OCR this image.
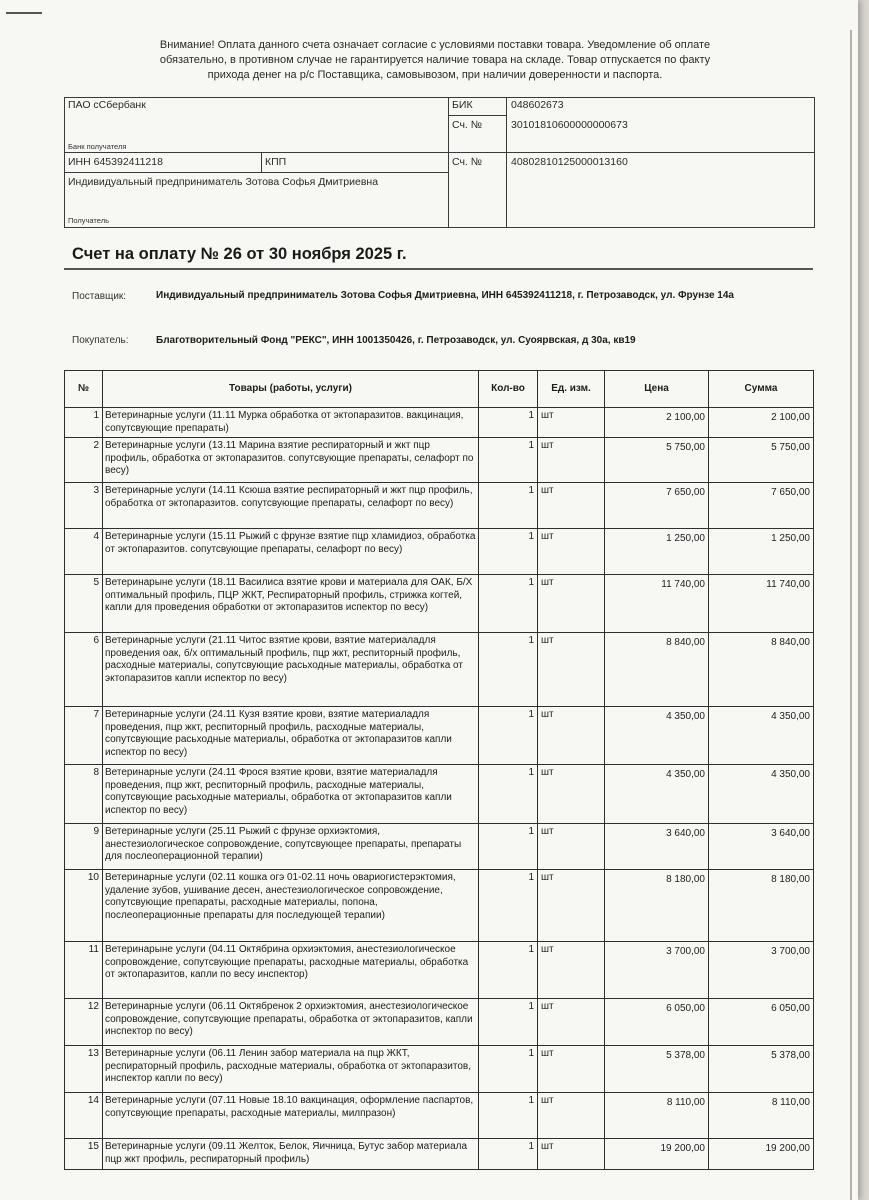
Внимание! Оплата данного счета означает согласие с условиями поставки товара. Уведомление об оплате
обязательно, в противном случае не гарантируется наличие товара на складе. Товар отпускается по факту
прихода денег на р/с Поставщика, самовывозом, при наличии доверенности и паспорта.
ПАО сСбербанк
Банк получателя
БИК	048602673
Сч. №	30101810600000000673
ИНН 645392411218	КПП	Сч. №	40802810125000013160
Индивидуальный предприниматель Зотова Софья Дмитриевна
Получатель
Счет на оплату № 26 от 30 ноября 2025 г.
Поставщик:	Индивидуальный предприниматель Зотова Софья Дмитриевна, ИНН 645392411218, г. Петрозаводск, ул. Фрунзе 14а
Покупатель:	Благотворительный Фонд "РЕКС", ИНН 1001350426, г. Петрозаводск, ул. Суоярвская, д 30а, кв19
№	Товары (работы, услуги)	Кол-во	Ед. изм.	Цена	Сумма
1	Ветеринарные услуги (11.11 Мурка обработка от эктопаразитов. вакцинация, сопутсвующие препараты)	1	шт	2 100,00	2 100,00
2	Ветеринарные услуги (13.11 Марина взятие респираторный и жкт пцр профиль, обработка от эктопаразитов. сопутсвующие препараты, селафорт по весу)	1	шт	5 750,00	5 750,00
3	Ветеринарные услуги (14.11 Ксюша взятие респираторный и жкт пцр профиль, обработка от эктопаразитов. сопутсвующие препараты, селафорт по весу)	1	шт	7 650,00	7 650,00
4	Ветеринарные услуги (15.11 Рыжий с фрунзе взятие пцр хламидиоз, обработка от эктопаразитов. сопутсвующие препараты, селафорт по весу)	1	шт	1 250,00	1 250,00
5	Ветеринарыне услуги (18.11 Василиса взятие крови и материала для ОАК, Б/Х оптимальный профиль, ПЦР ЖКТ, Респираторный профиль, стрижка когтей, капли для проведения обработки от эктопаразитов испектор по весу)	1	шт	11 740,00	11 740,00
6	Ветеринарные услуги (21.11 Читос взятие крови, взятие материаладля проведения оак, б/х оптимальный профиль, пцр жкт, респиторный профиль, расходные материалы, сопутсвующие расьходные материалы, обработка от эктопаразитов капли испектор по весу)	1	шт	8 840,00	8 840,00
7	Ветеринарные услуги (24.11 Кузя взятие крови, взятие материаладля проведения, пцр жкт, респиторный профиль, расходные материалы, сопутсвующие расьходные материалы, обработка от эктопаразитов капли испектор по весу)	1	шт	4 350,00	4 350,00
8	Ветеринарные услуги (24.11 Фрося взятие крови, взятие материаладля проведения, пцр жкт, респиторный профиль, расходные материалы, сопутсвующие расьходные материалы, обработка от эктопаразитов капли испектор по весу)	1	шт	4 350,00	4 350,00
9	Ветеринарные услуги (25.11 Рыжий с фрунзе орхиэктомия, анестезиологическое сопровождение, сопутсвующее препараты, препараты для послеоперационной терапии)	1	шт	3 640,00	3 640,00
10	Ветеринарные услуги (02.11 кошка огэ 01-02.11 ночь овариогистерэктомия, удаление зубов, ушивание десен, анестезиологическое сопровождение, сопутсвующие препараты, расходные материалы, попона, послеоперационные препараты для последующей терапии)	1	шт	8 180,00	8 180,00
11	Ветеринарыне услуги (04.11 Октябрина орхиэктомия, анестезиологическое сопровождение, сопутсвующие препараты, расходные материалы, обработка от эктопаразитов, капли по весу инспектор)	1	шт	3 700,00	3 700,00
12	Ветеринарные услуги (06.11 Октябренок 2 орхиэктомия, анестезиологическое сопровождение, сопутсвующие препараты, обработка от эктопаразитов, капли инспектор по весу)	1	шт	6 050,00	6 050,00
13	Ветеринарные услуги (06.11 Ленин забор материала на пцр ЖКТ, респираторный профиль, расходные материалы, обработка от эктопаразитов, инспектор капли по весу)	1	шт	5 378,00	5 378,00
14	Ветеринарные услуги (07.11 Новые 18.10 вакцинация, оформление паспартов, сопутсвующие препараты, расходные материалы, милпразон)	1	шт	8 110,00	8 110,00
15	Ветеринарные услуги (09.11 Желток, Белок, Яичница, Бутус забор материала пцр жкт профиль, респираторный профиль)	1	шт	19 200,00	19 200,00
